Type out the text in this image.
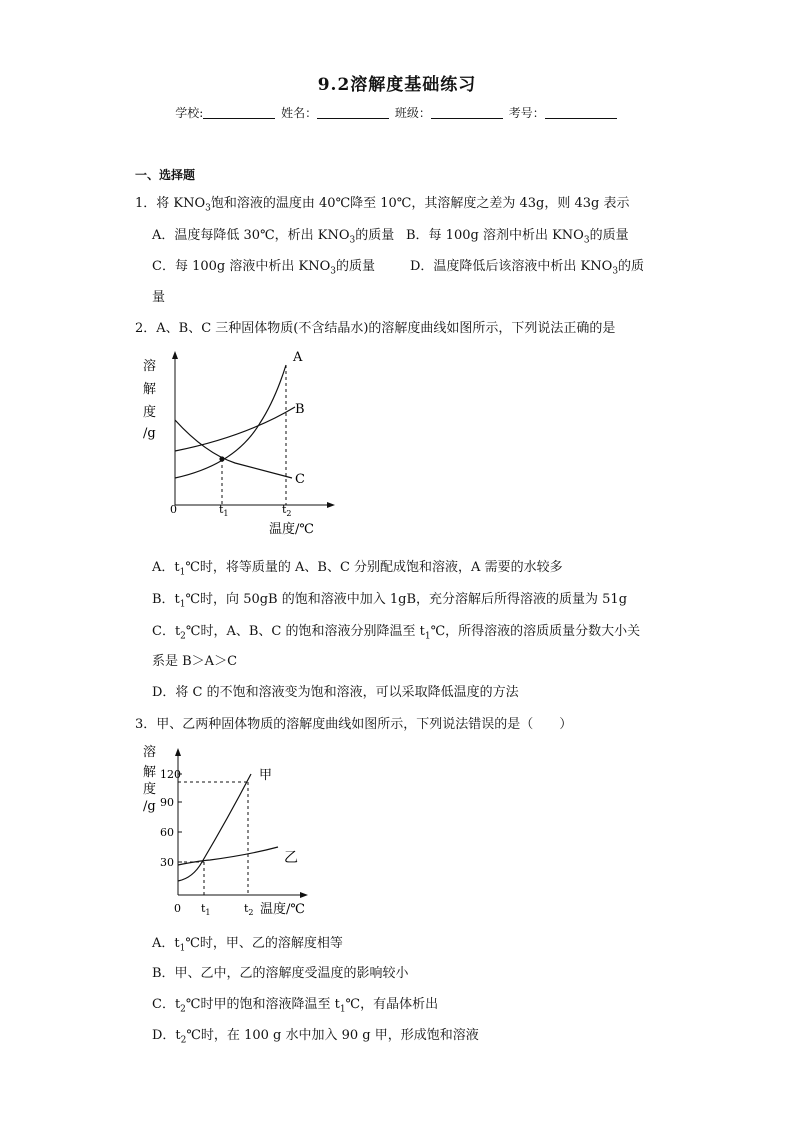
9.2溶解度基础练习
学校:	姓名：	班级：	考号：
一、选择题
1．将 $KNO_3$饱和溶液的温度由 40℃降至 10℃，其溶解度之差为 43g，则 43g 表示
A．温度每降低 30℃，析出 $KNO_3$的质量 B．每 100g 溶剂中析出 $KNO_3$的质量
C．每 100g 溶液中析出 $KNO_3$的质量	D．温度降低后该溶液中析出 $KNO_3$的质
量
2．A、B、C 三种固体物质(不含结晶水)的溶解度曲线如图所示，下列说法正确的是
溶
解
度
/g
A
B
C
0	$t_1$	$t_2$
温度/℃
A．$t_1℃$时，将等质量的 A、B、C 分别配成饱和溶液，A 需要的水较多
B．$t_1℃$时，向 50gB 的饱和溶液中加入 1gB，充分溶解后所得溶液的质量为 51g
C．$t_2℃$时，A、B、C 的饱和溶液分别降温至 $t_1℃$，所得溶液的溶质质量分数大小关
系是 B＞A＞C
D．将 C 的不饱和溶液变为饱和溶液，可以采取降低温度的方法
3．甲、乙两种固体物质的溶解度曲线如图所示，下列说法错误的是（　　）
溶
解
度
/g
120
90
60
30
甲
乙
0 $t_1$	$t_2$ 温度/℃
A．$t_1℃$时，甲、乙的溶解度相等
B．甲、乙中，乙的溶解度受温度的影响较小
C．$t_2℃$时甲的饱和溶液降温至 $t_1℃$，有晶体析出
D．$t_2℃$时，在 100 g 水中加入 90 g 甲，形成饱和溶液
